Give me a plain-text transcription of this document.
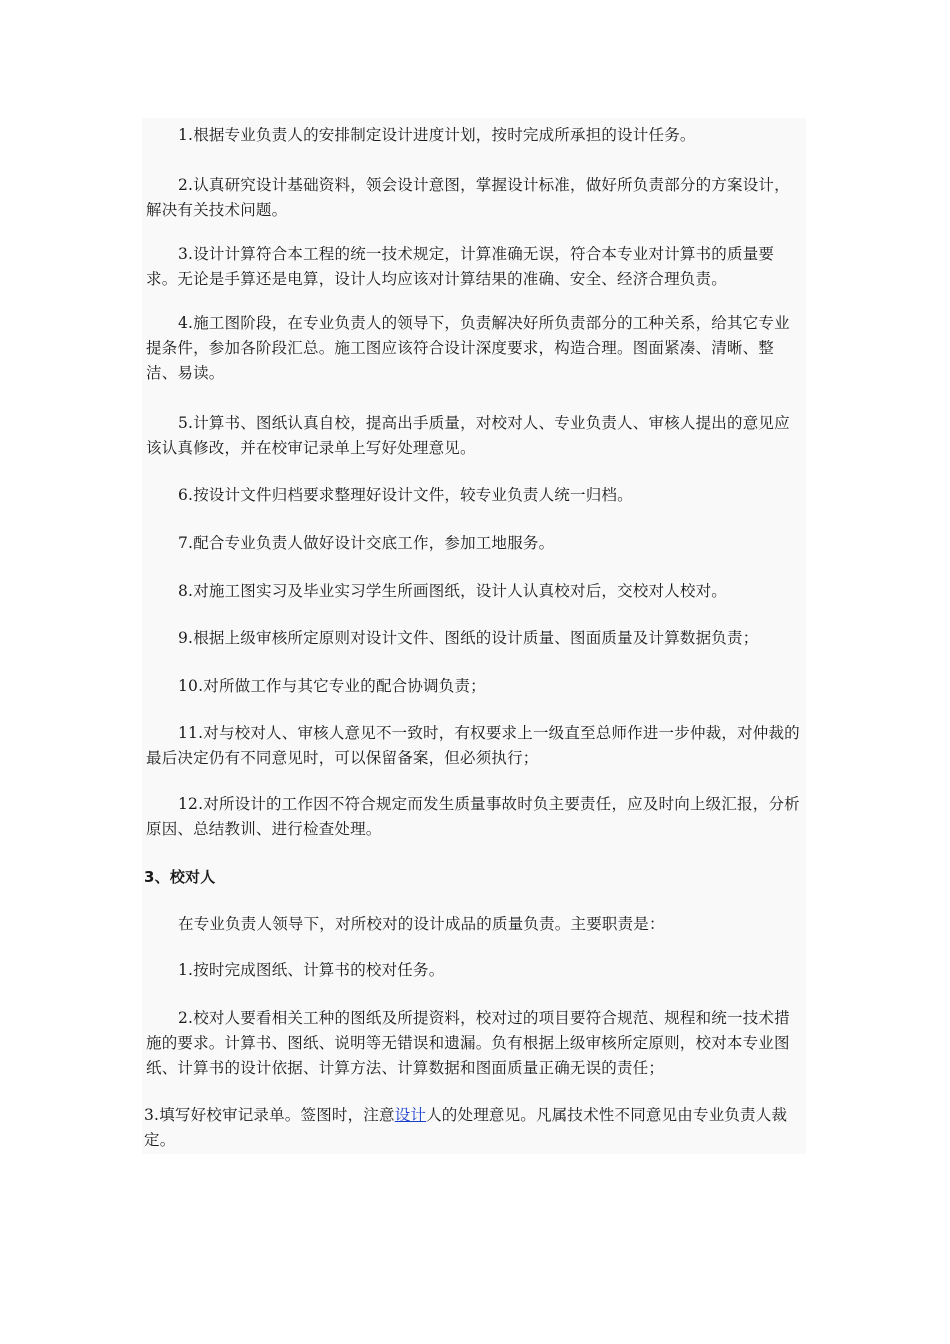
1.根据专业负责人的安排制定设计进度计划，按时完成所承担的设计任务。

2.认真研究设计基础资料，领会设计意图，掌握设计标准，做好所负责部分的方案设计，解决有关技术问题。

3.设计计算符合本工程的统一技术规定，计算准确无误，符合本专业对计算书的质量要求。无论是手算还是电算，设计人均应该对计算结果的准确、安全、经济合理负责。

4.施工图阶段，在专业负责人的领导下，负责解决好所负责部分的工种关系，给其它专业提条件，参加各阶段汇总。施工图应该符合设计深度要求，构造合理。图面紧凑、清晰、整洁、易读。

5.计算书、图纸认真自校，提高出手质量，对校对人、专业负责人、审核人提出的意见应该认真修改，并在校审记录单上写好处理意见。

6.按设计文件归档要求整理好设计文件，较专业负责人统一归档。

7.配合专业负责人做好设计交底工作，参加工地服务。

8.对施工图实习及毕业实习学生所画图纸，设计人认真校对后，交校对人校对。

9.根据上级审核所定原则对设计文件、图纸的设计质量、图面质量及计算数据负责；

10.对所做工作与其它专业的配合协调负责；

11.对与校对人、审核人意见不一致时，有权要求上一级直至总师作进一步仲裁，对仲裁的最后决定仍有不同意见时，可以保留备案，但必须执行；

12.对所设计的工作因不符合规定而发生质量事故时负主要责任，应及时向上级汇报，分析原因、总结教训、进行检查处理。

3、校对人

在专业负责人领导下，对所校对的设计成品的质量负责。主要职责是：

1.按时完成图纸、计算书的校对任务。

2.校对人要看相关工种的图纸及所提资料，校对过的项目要符合规范、规程和统一技术措施的要求。计算书、图纸、说明等无错误和遗漏。负有根据上级审核所定原则，校对本专业图纸、计算书的设计依据、计算方法、计算数据和图面质量正确无误的责任；

3.填写好校审记录单。签图时，注意设计人的处理意见。凡属技术性不同意见由专业负责人裁定。
